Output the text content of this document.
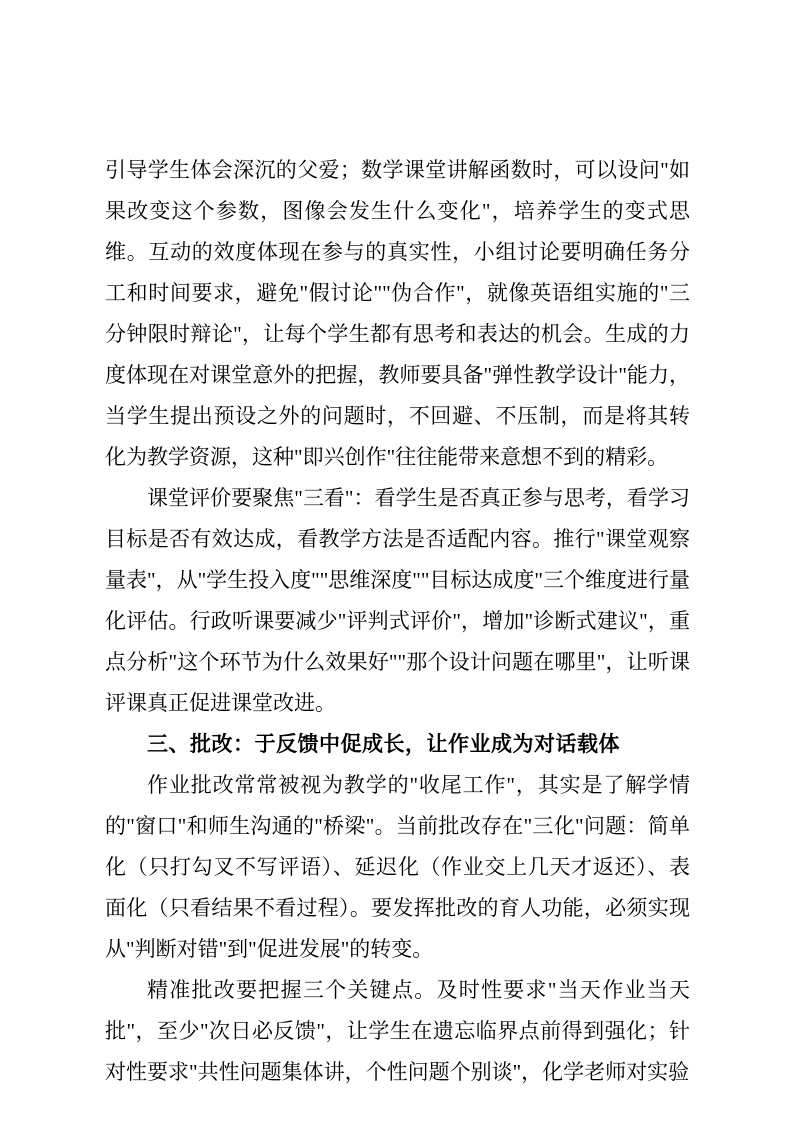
引导学生体会深沉的父爱；数学课堂讲解函数时，可以设问"如果改变这个参数，图像会发生什么变化"，培养学生的变式思维。互动的效度体现在参与的真实性，小组讨论要明确任务分工和时间要求，避免"假讨论""伪合作"，就像英语组实施的"三分钟限时辩论"，让每个学生都有思考和表达的机会。生成的力度体现在对课堂意外的把握，教师要具备"弹性教学设计"能力，当学生提出预设之外的问题时，不回避、不压制，而是将其转化为教学资源，这种"即兴创作"往往能带来意想不到的精彩。

课堂评价要聚焦"三看"：看学生是否真正参与思考，看学习目标是否有效达成，看教学方法是否适配内容。推行"课堂观察量表"，从"学生投入度""思维深度""目标达成度"三个维度进行量化评估。行政听课要减少"评判式评价"，增加"诊断式建议"，重点分析"这个环节为什么效果好""那个设计问题在哪里"，让听课评课真正促进课堂改进。

三、批改：于反馈中促成长，让作业成为对话载体

作业批改常常被视为教学的"收尾工作"，其实是了解学情的"窗口"和师生沟通的"桥梁"。当前批改存在"三化"问题：简单化（只打勾叉不写评语）、延迟化（作业交上几天才返还）、表面化（只看结果不看过程）。要发挥批改的育人功能，必须实现从"判断对错"到"促进发展"的转变。

精准批改要把握三个关键点。及时性要求"当天作业当天批"，至少"次日必反馈"，让学生在遗忘临界点前得到强化；针对性要求"共性问题集体讲，个性问题个别谈"，化学老师对实验
